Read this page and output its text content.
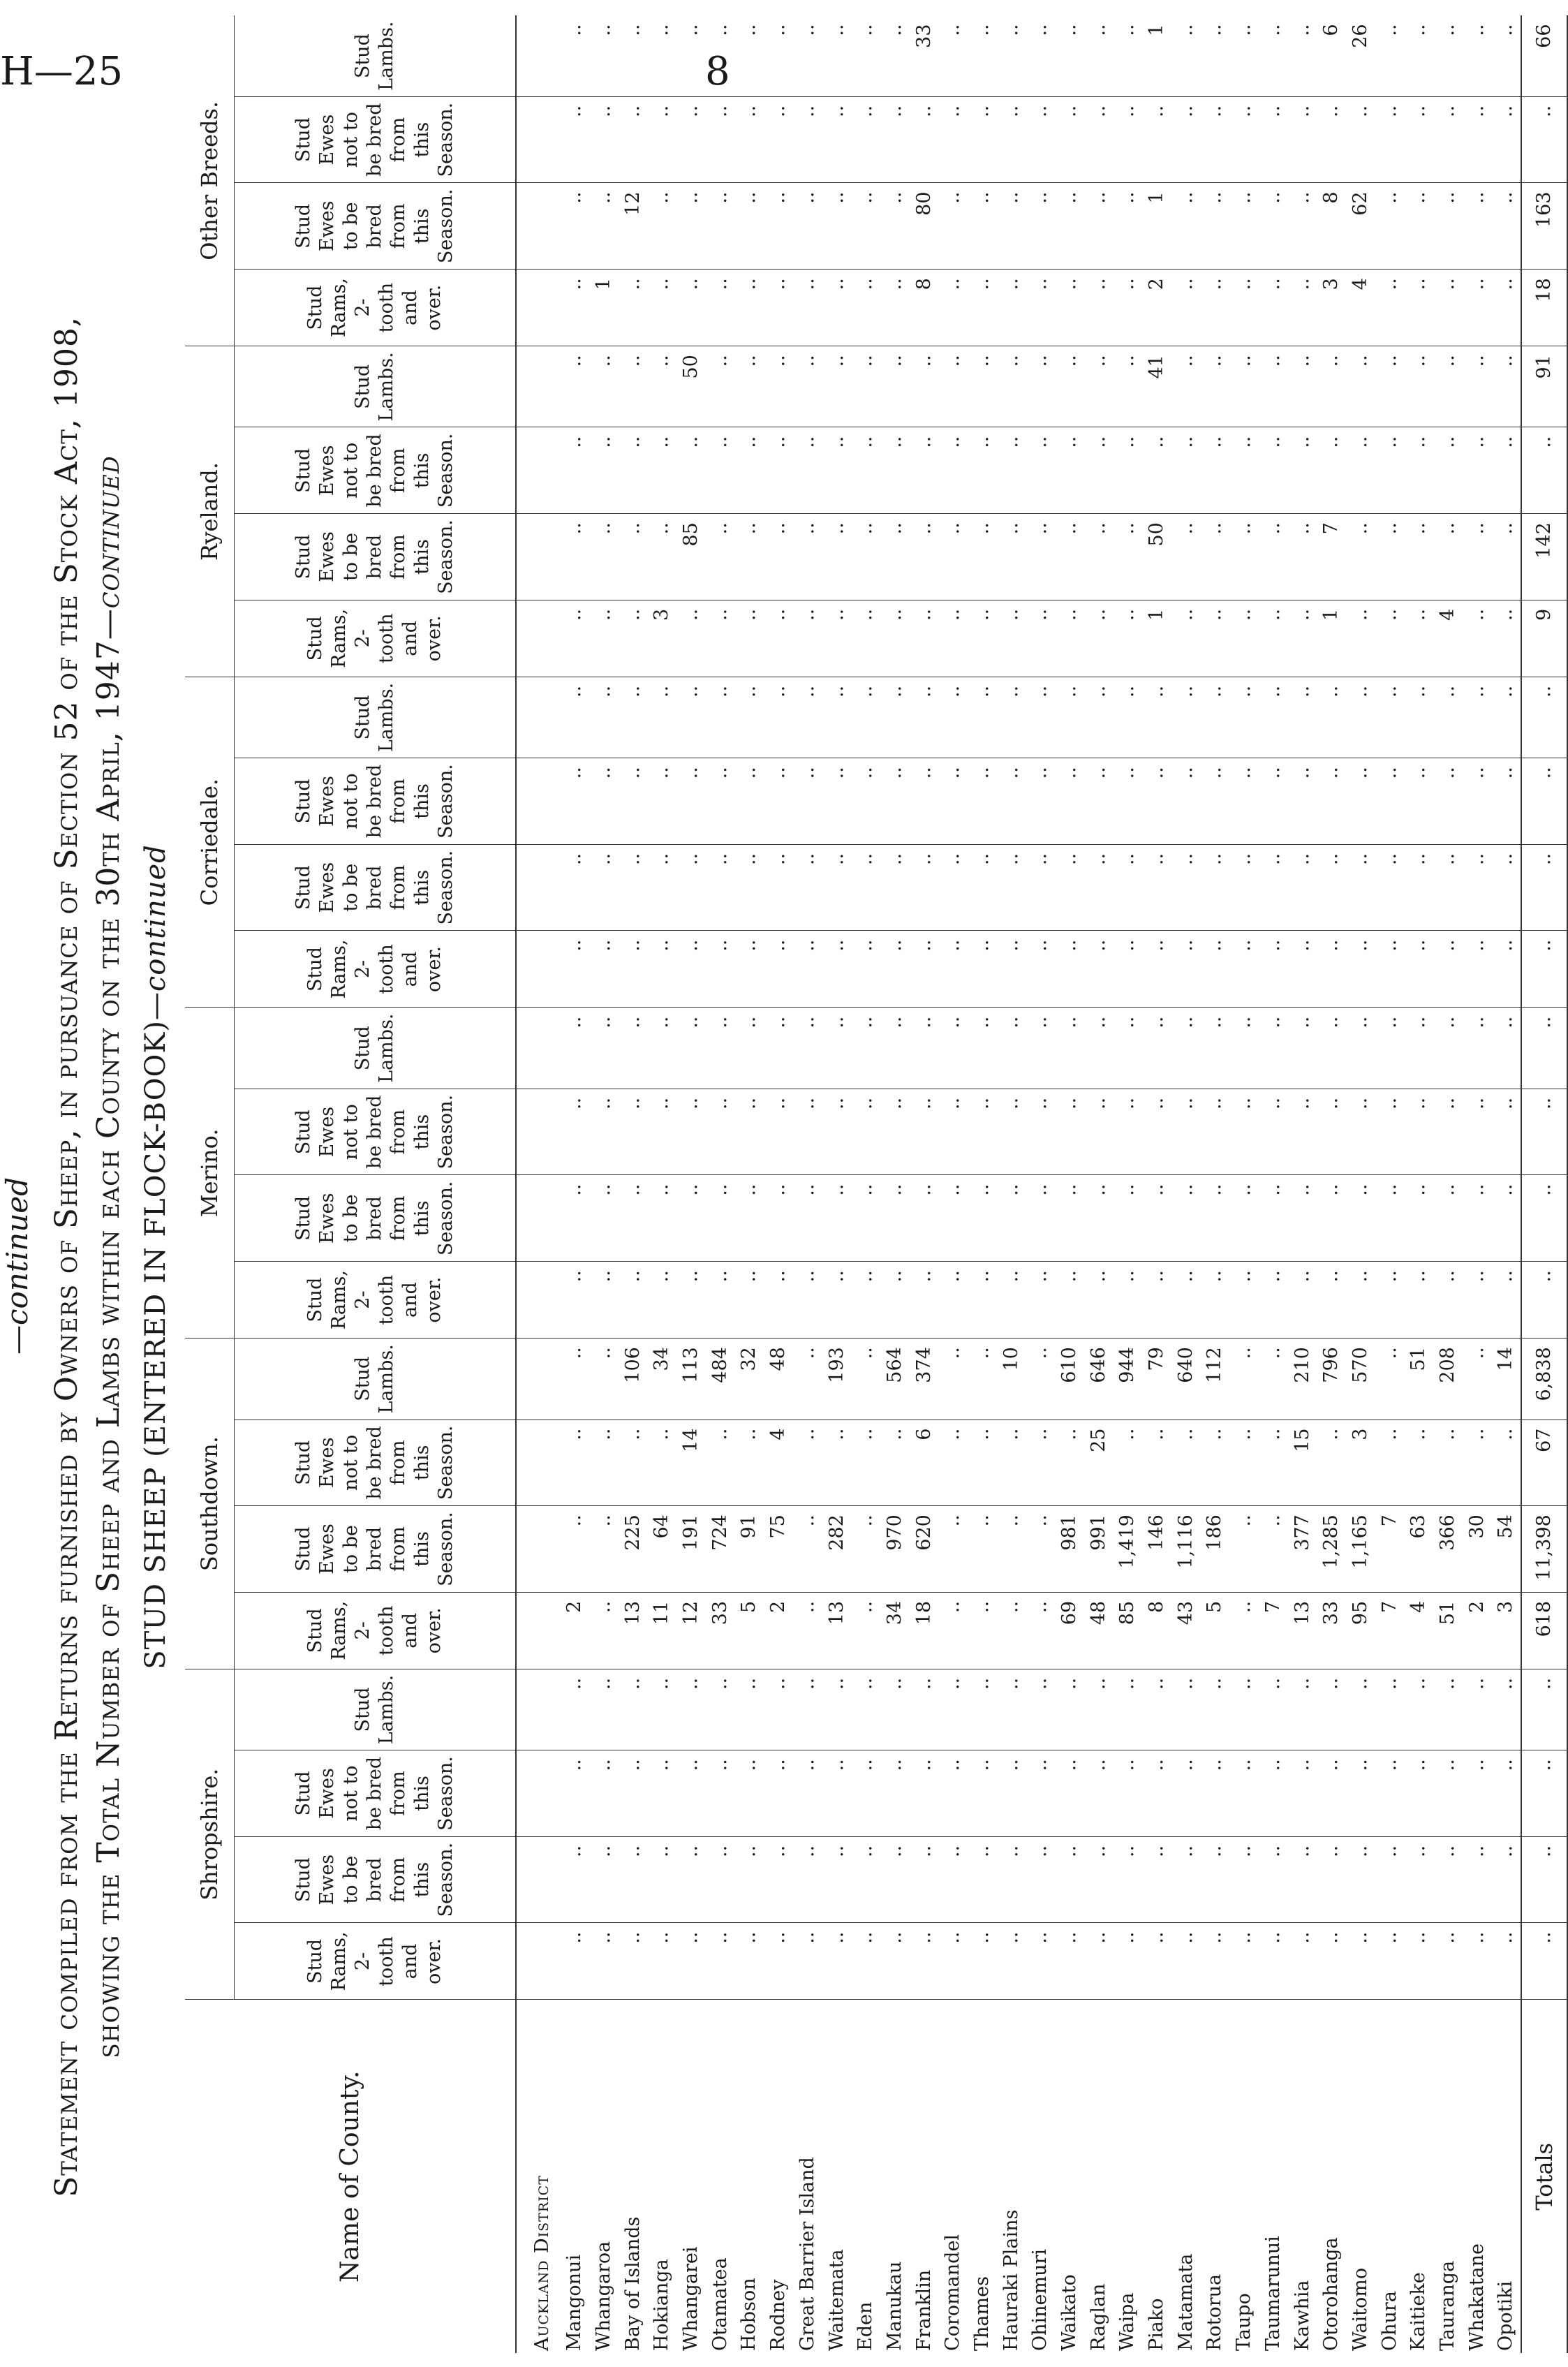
H—25	8
—continued Statement compiled from the Returns furnished by Owners of Sheep, in pursuance of Section 52 of the Stock Act, 1908, showing the Total Number of Sheep and Lambs within each County on the 30th April, 1947—continued
STUD SHEEP (ENTERED IN FLOCK-BOOK)—continued
Name of County.	Shropshire.				Southdown.				Merino.				Corriedale.				Ryeland.				Other Breeds.			
	Stud Rams, 2-tooth and over.	Stud Ewes to be bred from this Season.	Stud Ewes not to be bred from this Season.	Stud Lambs.	Stud Rams, 2-tooth and over.	Stud Ewes to be bred from this Season.	Stud Ewes not to be bred from this Season.	Stud Lambs.	Stud Rams, 2-tooth and over.	Stud Ewes to be bred from this Season.	Stud Ewes not to be bred from this Season.	Stud Lambs.	Stud Rams, 2-tooth and over.	Stud Ewes to be bred from this Season.	Stud Ewes not to be bred from this Season.	Stud Lambs.	Stud Rams, 2-tooth and over.	Stud Ewes to be bred from this Season.	Stud Ewes not to be bred from this Season.	Stud Lambs.	Stud Rams, 2-tooth and over.	Stud Ewes to be bred from this Season.	Stud Ewes not to be bred from this Season.	Stud Lambs.
Auckland District																								
Mangonui	..	..	..	..	2	..	..	..	..	..	..	..	..	..	..	..	..	..	..	..	..	..	..	..
Whangaroa	..	..	..	..	..	..	..	..	..	..	..	..	..	..	..	..	..	..	..	..	1	..	..	..
Bay of Islands	..	..	..	..	13	225	..	106	..	..	..	..	..	..	..	..	..	..	..	..	..	12	..	..
Hokianga	..	..	..	..	11	64	..	34	..	..	..	..	..	..	..	..	3	..	..	..	..	..	..	..
Whangarei	..	..	..	..	12	191	14	113	..	..	..	..	..	..	..	..	..	85	..	50	..	..	..	..
Otamatea	..	..	..	..	33	724	..	484	..	..	..	..	..	..	..	..	..	..	..	..	..	..	..	..
Hobson	..	..	..	..	5	91	..	32	..	..	..	..	..	..	..	..	..	..	..	..	..	..	..	..
Rodney	..	..	..	..	2	75	4	48	..	..	..	..	..	..	..	..	..	..	..	..	..	..	..	..
Great Barrier Island	..	..	..	..	..	..	..	..	..	..	..	..	..	..	..	..	..	..	..	..	..	..	..	..
Waitemata	..	..	..	..	13	282	..	193	..	..	..	..	..	..	..	..	..	..	..	..	..	..	..	..
Eden	..	..	..	..	..	..	..	..	..	..	..	..	..	..	..	..	..	..	..	..	..	..	..	..
Manukau	..	..	..	..	34	970	..	564	..	..	..	..	..	..	..	..	..	..	..	..	..	..	..	..
Franklin	..	..	..	..	18	620	6	374	..	..	..	..	..	..	..	..	..	..	..	..	8	80	..	33
Coromandel	..	..	..	..	..	..	..	..	..	..	..	..	..	..	..	..	..	..	..	..	..	..	..	..
Thames	..	..	..	..	..	..	..	..	..	..	..	..	..	..	..	..	..	..	..	..	..	..	..	..
Hauraki Plains	..	..	..	..	..	..	..	10	..	..	..	..	..	..	..	..	..	..	..	..	..	..	..	..
Ohinemuri	..	..	..	..	..	..	..	..	..	..	..	..	..	..	..	..	..	..	..	..	..	..	..	..
Waikato	..	..	..	..	69	981	..	610	..	..	..	..	..	..	..	..	..	..	..	..	..	..	..	..
Raglan	..	..	..	..	48	991	25	646	..	..	..	..	..	..	..	..	..	..	..	..	..	..	..	..
Waipa	..	..	..	..	85	1,419	..	944	..	..	..	..	..	..	..	..	..	..	..	..	..	..	..	..
Piako	..	..	..	..	8	146	..	79	..	..	..	..	..	..	..	..	1	50	..	41	2	1	..	1
Matamata	..	..	..	..	43	1,116	..	640	..	..	..	..	..	..	..	..	..	..	..	..	..	..	..	..
Rotorua	..	..	..	..	5	186	..	112	..	..	..	..	..	..	..	..	..	..	..	..	..	..	..	..
Taupo	..	..	..	..	..	..	..	..	..	..	..	..	..	..	..	..	..	..	..	..	..	..	..	..
Taumarunui	..	..	..	..	7	..	..	..	..	..	..	..	..	..	..	..	..	..	..	..	..	..	..	..
Kawhia	..	..	..	..	13	377	15	210	..	..	..	..	..	..	..	..	..	..	..	..	..	..	..	..
Otorohanga	..	..	..	..	33	1,285	..	796	..	..	..	..	..	..	..	..	1	7	..	..	3	8	..	6
Waitomo	..	..	..	..	95	1,165	3	570	..	..	..	..	..	..	..	..	..	..	..	..	4	62	..	26
Ohura	..	..	..	..	7	7	..	..	..	..	..	..	..	..	..	..	..	..	..	..	..	..	..	..
Kaitieke	..	..	..	..	4	63	..	51	..	..	..	..	..	..	..	..	..	..	..	..	..	..	..	..
Tauranga	..	..	..	..	51	366	..	208	..	..	..	..	..	..	..	..	4	..	..	..	..	..	..	..
Whakatane	..	..	..	..	2	30	..	..	..	..	..	..	..	..	..	..	..	..	..	..	..	..	..	..
Opotiki	..	..	..	..	3	54	..	14	..	..	..	..	..	..	..	..	..	..	..	..	..	..	..	..
Totals	..	..	..	..	618	11,398	67	6,838	..	..	..	..	..	..	..	..	9	142	..	91	18	163	..	66
